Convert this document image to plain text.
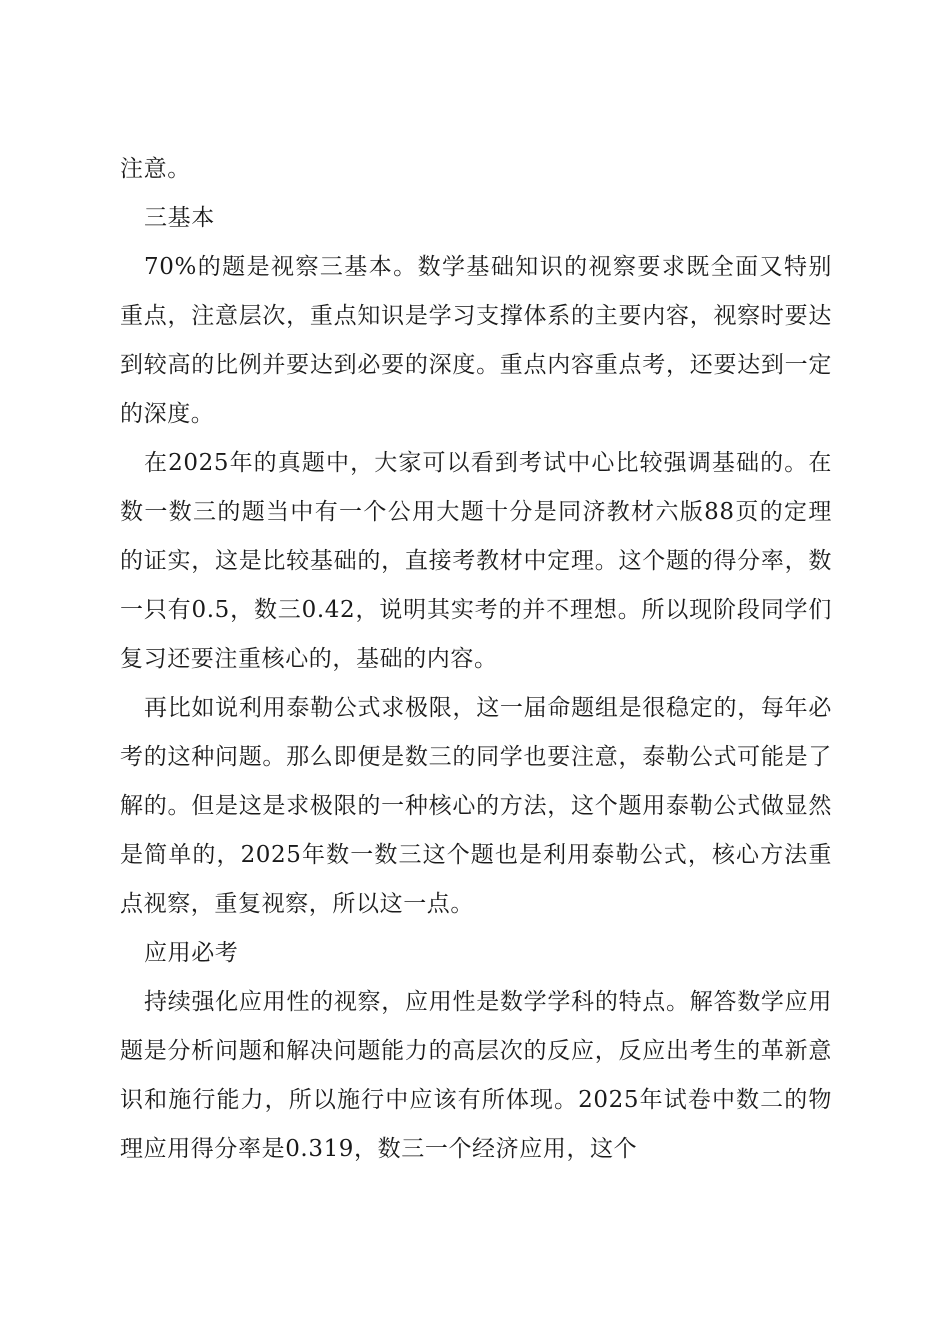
注意。

三基本

70%的题是视察三基本。数学基础知识的视察要求既全面又特别重点，注意层次，重点知识是学习支撑体系的主要内容，视察时要达到较高的比例并要达到必要的深度。重点内容重点考，还要达到一定的深度。

在2025年的真题中，大家可以看到考试中心比较强调基础的。在数一数三的题当中有一个公用大题十分是同济教材六版88页的定理的证实，这是比较基础的，直接考教材中定理。这个题的得分率，数一只有0.5，数三0.42，说明其实考的并不理想。所以现阶段同学们复习还要注重核心的，基础的内容。

再比如说利用泰勒公式求极限，这一届命题组是很稳定的，每年必考的这种问题。那么即便是数三的同学也要注意，泰勒公式可能是了解的。但是这是求极限的一种核心的方法，这个题用泰勒公式做显然是简单的，2025年数一数三这个题也是利用泰勒公式，核心方法重点视察，重复视察，所以这一点。

应用必考

持续强化应用性的视察，应用性是数学学科的特点。解答数学应用题是分析问题和解决问题能力的高层次的反应，反应出考生的革新意识和施行能力，所以施行中应该有所体现。2025年试卷中数二的物理应用得分率是0.319，数三一个经济应用，这个
